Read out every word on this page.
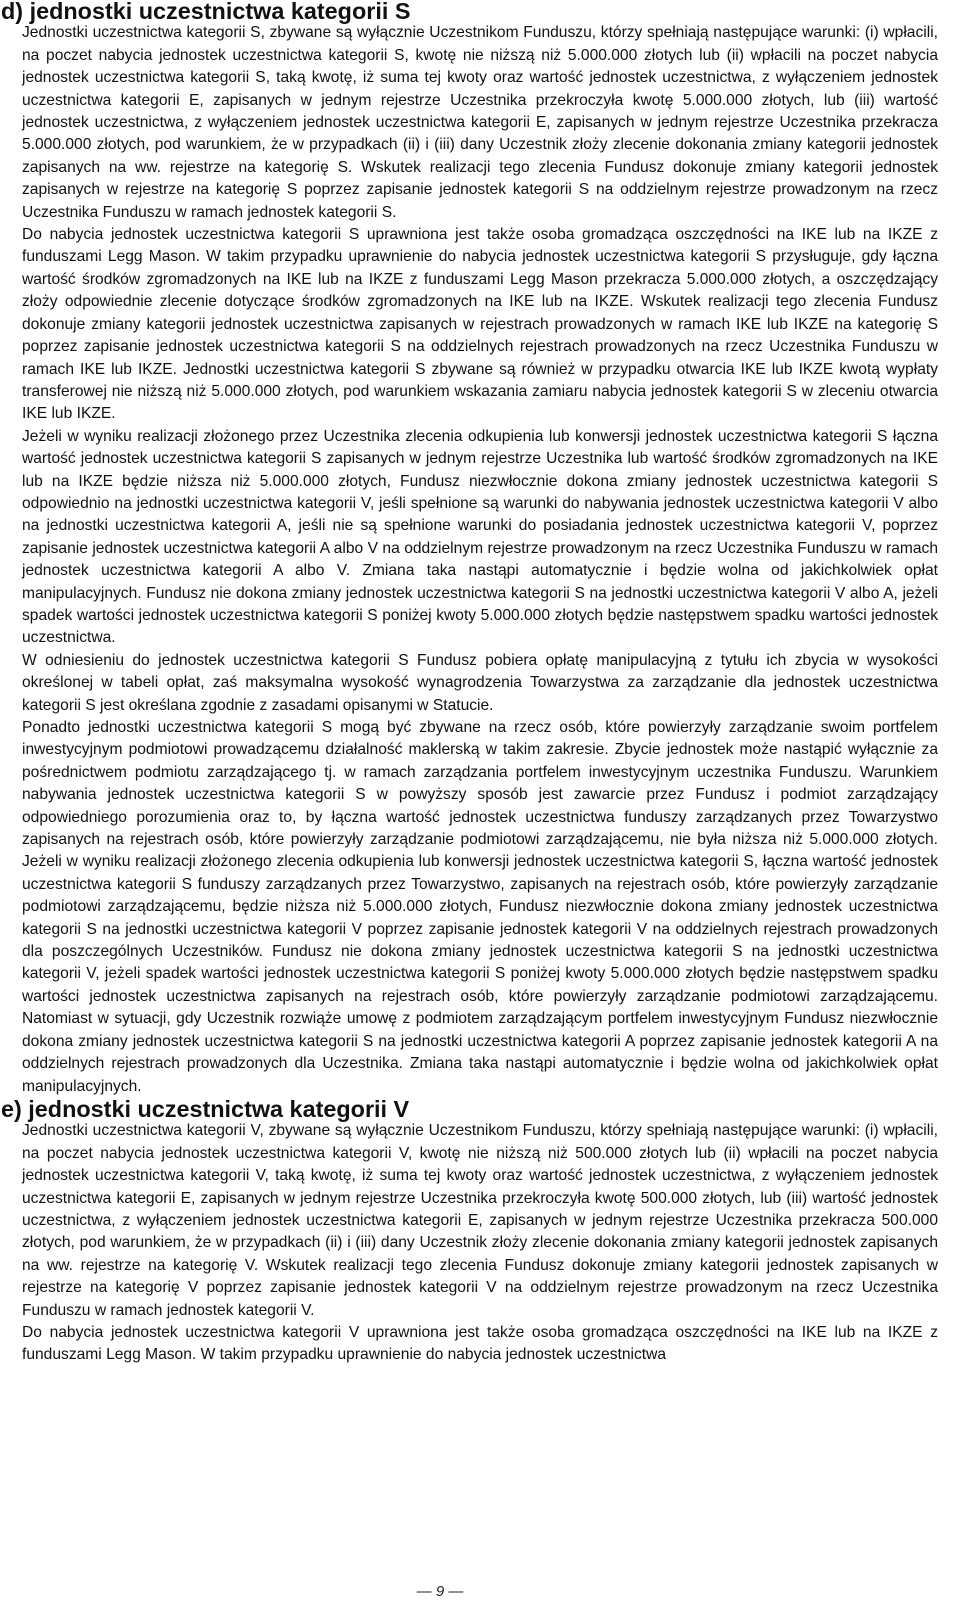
d) jednostki uczestnictwa kategorii S

Jednostki uczestnictwa kategorii S, zbywane są wyłącznie Uczestnikom Funduszu, którzy spełniają następujące warunki: (i) wpłacili, na poczet nabycia jednostek uczestnictwa kategorii S, kwotę nie niższą niż 5.000.000 złotych lub (ii) wpłacili na poczet nabycia jednostek uczestnictwa kategorii S, taką kwotę, iż suma tej kwoty oraz wartość jednostek uczestnictwa, z wyłączeniem jednostek uczestnictwa kategorii E, zapisanych w jednym rejestrze Uczestnika przekroczyła kwotę 5.000.000 złotych, lub (iii) wartość jednostek uczestnictwa, z wyłączeniem jednostek uczestnictwa kategorii E, zapisanych w jednym rejestrze Uczestnika przekracza 5.000.000 złotych, pod warunkiem, że w przypadkach (ii) i (iii) dany Uczestnik złoży zlecenie dokonania zmiany kategorii jednostek zapisanych na ww. rejestrze na kategorię S. Wskutek realizacji tego zlecenia Fundusz dokonuje zmiany kategorii jednostek zapisanych w rejestrze na kategorię S poprzez zapisanie jednostek kategorii S na oddzielnym rejestrze prowadzonym na rzecz Uczestnika Funduszu w ramach jednostek kategorii S.

Do nabycia jednostek uczestnictwa kategorii S uprawniona jest także osoba gromadząca oszczędności na IKE lub na IKZE z funduszami Legg Mason. W takim przypadku uprawnienie do nabycia jednostek uczestnictwa kategorii S przysługuje, gdy łączna wartość środków zgromadzonych na IKE lub na IKZE z funduszami Legg Mason przekracza 5.000.000 złotych, a oszczędzający złoży odpowiednie zlecenie dotyczące środków zgromadzonych na IKE lub na IKZE. Wskutek realizacji tego zlecenia Fundusz dokonuje zmiany kategorii jednostek uczestnictwa zapisanych w rejestrach prowadzonych w ramach IKE lub IKZE na kategorię S poprzez zapisanie jednostek uczestnictwa kategorii S na oddzielnych rejestrach prowadzonych na rzecz Uczestnika Funduszu w ramach IKE lub IKZE. Jednostki uczestnictwa kategorii S zbywane są również w przypadku otwarcia IKE lub IKZE kwotą wypłaty transferowej nie niższą niż 5.000.000 złotych, pod warunkiem wskazania zamiaru nabycia jednostek kategorii S w zleceniu otwarcia IKE lub IKZE.

Jeżeli w wyniku realizacji złożonego przez Uczestnika zlecenia odkupienia lub konwersji jednostek uczestnictwa kategorii S łączna wartość jednostek uczestnictwa kategorii S zapisanych w jednym rejestrze Uczestnika lub wartość środków zgromadzonych na IKE lub na IKZE będzie niższa niż 5.000.000 złotych, Fundusz niezwłocznie dokona zmiany jednostek uczestnictwa kategorii S odpowiednio na jednostki uczestnictwa kategorii V, jeśli spełnione są warunki do nabywania jednostek uczestnictwa kategorii V albo na jednostki uczestnictwa kategorii A, jeśli nie są spełnione warunki do posiadania jednostek uczestnictwa kategorii V, poprzez zapisanie jednostek uczestnictwa kategorii A albo V na oddzielnym rejestrze prowadzonym na rzecz Uczestnika Funduszu w ramach jednostek uczestnictwa kategorii A albo V. Zmiana taka nastąpi automatycznie i będzie wolna od jakichkolwiek opłat manipulacyjnych. Fundusz nie dokona zmiany jednostek uczestnictwa kategorii S na jednostki uczestnictwa kategorii V albo A, jeżeli spadek wartości jednostek uczestnictwa kategorii S poniżej kwoty 5.000.000 złotych będzie następstwem spadku wartości jednostek uczestnictwa.

W odniesieniu do jednostek uczestnictwa kategorii S Fundusz pobiera opłatę manipulacyjną z tytułu ich zbycia w wysokości określonej w tabeli opłat, zaś maksymalna wysokość wynagrodzenia Towarzystwa za zarządzanie dla jednostek uczestnictwa kategorii S jest określana zgodnie z zasadami opisanymi w Statucie.

Ponadto jednostki uczestnictwa kategorii S mogą być zbywane na rzecz osób, które powierzyły zarządzanie swoim portfelem inwestycyjnym podmiotowi prowadzącemu działalność maklerską w takim zakresie. Zbycie jednostek może nastąpić wyłącznie za pośrednictwem podmiotu zarządzającego tj. w ramach zarządzania portfelem inwestycyjnym uczestnika Funduszu. Warunkiem nabywania jednostek uczestnictwa kategorii S w powyższy sposób jest zawarcie przez Fundusz i podmiot zarządzający odpowiedniego porozumienia oraz to, by łączna wartość jednostek uczestnictwa funduszy zarządzanych przez Towarzystwo zapisanych na rejestrach osób, które powierzyły zarządzanie podmiotowi zarządzającemu, nie była niższa niż 5.000.000 złotych. Jeżeli w wyniku realizacji złożonego zlecenia odkupienia lub konwersji jednostek uczestnictwa kategorii S, łączna wartość jednostek uczestnictwa kategorii S funduszy zarządzanych przez Towarzystwo, zapisanych na rejestrach osób, które powierzyły zarządzanie podmiotowi zarządzającemu, będzie niższa niż 5.000.000 złotych, Fundusz niezwłocznie dokona zmiany jednostek uczestnictwa kategorii S na jednostki uczestnictwa kategorii V poprzez zapisanie jednostek kategorii V na oddzielnych rejestrach prowadzonych dla poszczególnych Uczestników. Fundusz nie dokona zmiany jednostek uczestnictwa kategorii S na jednostki uczestnictwa kategorii V, jeżeli spadek wartości jednostek uczestnictwa kategorii S poniżej kwoty 5.000.000 złotych będzie następstwem spadku wartości jednostek uczestnictwa zapisanych na rejestrach osób, które powierzyły zarządzanie podmiotowi zarządzającemu. Natomiast w sytuacji, gdy Uczestnik rozwiąże umowę z podmiotem zarządzającym portfelem inwestycyjnym Fundusz niezwłocznie dokona zmiany jednostek uczestnictwa kategorii S na jednostki uczestnictwa kategorii A poprzez zapisanie jednostek kategorii A na oddzielnych rejestrach prowadzonych dla Uczestnika. Zmiana taka nastąpi automatycznie i będzie wolna od jakichkolwiek opłat manipulacyjnych.

e) jednostki uczestnictwa kategorii V

Jednostki uczestnictwa kategorii V, zbywane są wyłącznie Uczestnikom Funduszu, którzy spełniają następujące warunki: (i) wpłacili, na poczet nabycia jednostek uczestnictwa kategorii V, kwotę nie niższą niż 500.000 złotych lub (ii) wpłacili na poczet nabycia jednostek uczestnictwa kategorii V, taką kwotę, iż suma tej kwoty oraz wartość jednostek uczestnictwa, z wyłączeniem jednostek uczestnictwa kategorii E, zapisanych w jednym rejestrze Uczestnika przekroczyła kwotę 500.000 złotych, lub (iii) wartość jednostek uczestnictwa, z wyłączeniem jednostek uczestnictwa kategorii E, zapisanych w jednym rejestrze Uczestnika przekracza 500.000 złotych, pod warunkiem, że w przypadkach (ii) i (iii) dany Uczestnik złoży zlecenie dokonania zmiany kategorii jednostek zapisanych na ww. rejestrze na kategorię V. Wskutek realizacji tego zlecenia Fundusz dokonuje zmiany kategorii jednostek zapisanych w rejestrze na kategorię V poprzez zapisanie jednostek kategorii V na oddzielnym rejestrze prowadzonym na rzecz Uczestnika Funduszu w ramach jednostek kategorii V.

Do nabycia jednostek uczestnictwa kategorii V uprawniona jest także osoba gromadząca oszczędności na IKE lub na IKZE z funduszami Legg Mason. W takim przypadku uprawnienie do nabycia jednostek uczestnictwa

— 9 —
